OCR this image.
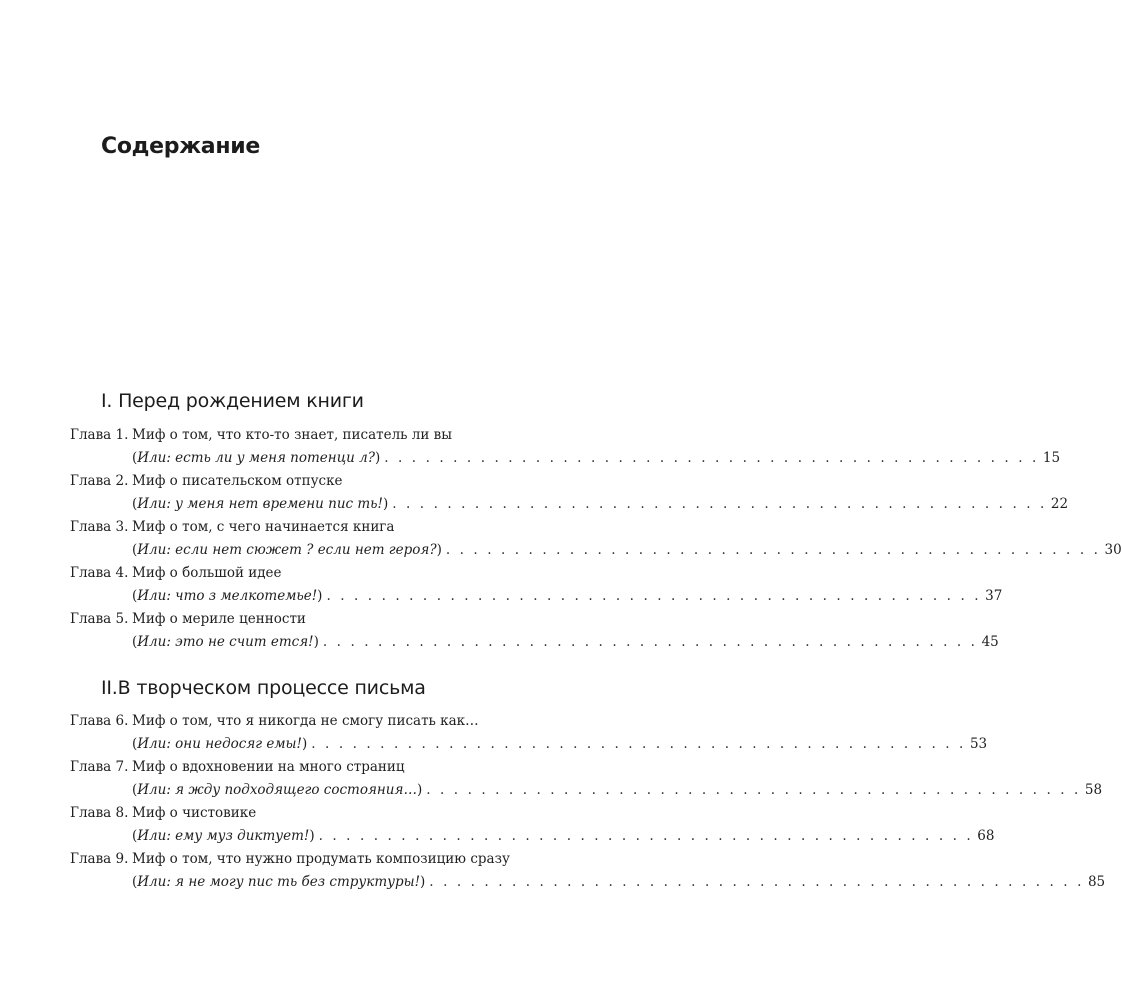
Содержание
I. Перед рождением книги
Глава 1. Миф о том, что кто-то знает, писатель ли вы
(Или: есть ли у меня потенци л?) . . . . . . . . . . . . . . . . . . . . . . . . . . . . . . . . . . . . . . . . . . . . . . . . 15
Глава 2. Миф о писательском отпуске
(Или: у меня нет времени пис ть!) . . . . . . . . . . . . . . . . . . . . . . . . . . . . . . . . . . . . . . . . . . . . . . . . 22
Глава 3. Миф о том, с чего начинается книга
(Или: если нет сюжет ? если нет героя?) . . . . . . . . . . . . . . . . . . . . . . . . . . . . . . . . . . . . . . . . . . . . . . . . 30
Глава 4. Миф о большой идее
(Или: что з мелкотемье!) . . . . . . . . . . . . . . . . . . . . . . . . . . . . . . . . . . . . . . . . . . . . . . . . 37
Глава 5. Миф о мериле ценности
(Или: это не счит ется!) . . . . . . . . . . . . . . . . . . . . . . . . . . . . . . . . . . . . . . . . . . . . . . . . 45
II.В творческом процессе письма
Глава 6. Миф о том, что я никогда не смогу писать как…
(Или: они недосяг емы!) . . . . . . . . . . . . . . . . . . . . . . . . . . . . . . . . . . . . . . . . . . . . . . . . 53
Глава 7. Миф о вдохновении на много страниц
(Или: я жду подходящего состояния…) . . . . . . . . . . . . . . . . . . . . . . . . . . . . . . . . . . . . . . . . . . . . . . . . 58
Глава 8. Миф о чистовике
(Или: ему муз диктует!) . . . . . . . . . . . . . . . . . . . . . . . . . . . . . . . . . . . . . . . . . . . . . . . . 68
Глава 9. Миф о том, что нужно продумать композицию сразу
(Или: я не могу пис ть без структуры!) . . . . . . . . . . . . . . . . . . . . . . . . . . . . . . . . . . . . . . . . . . . . . . . . 85
